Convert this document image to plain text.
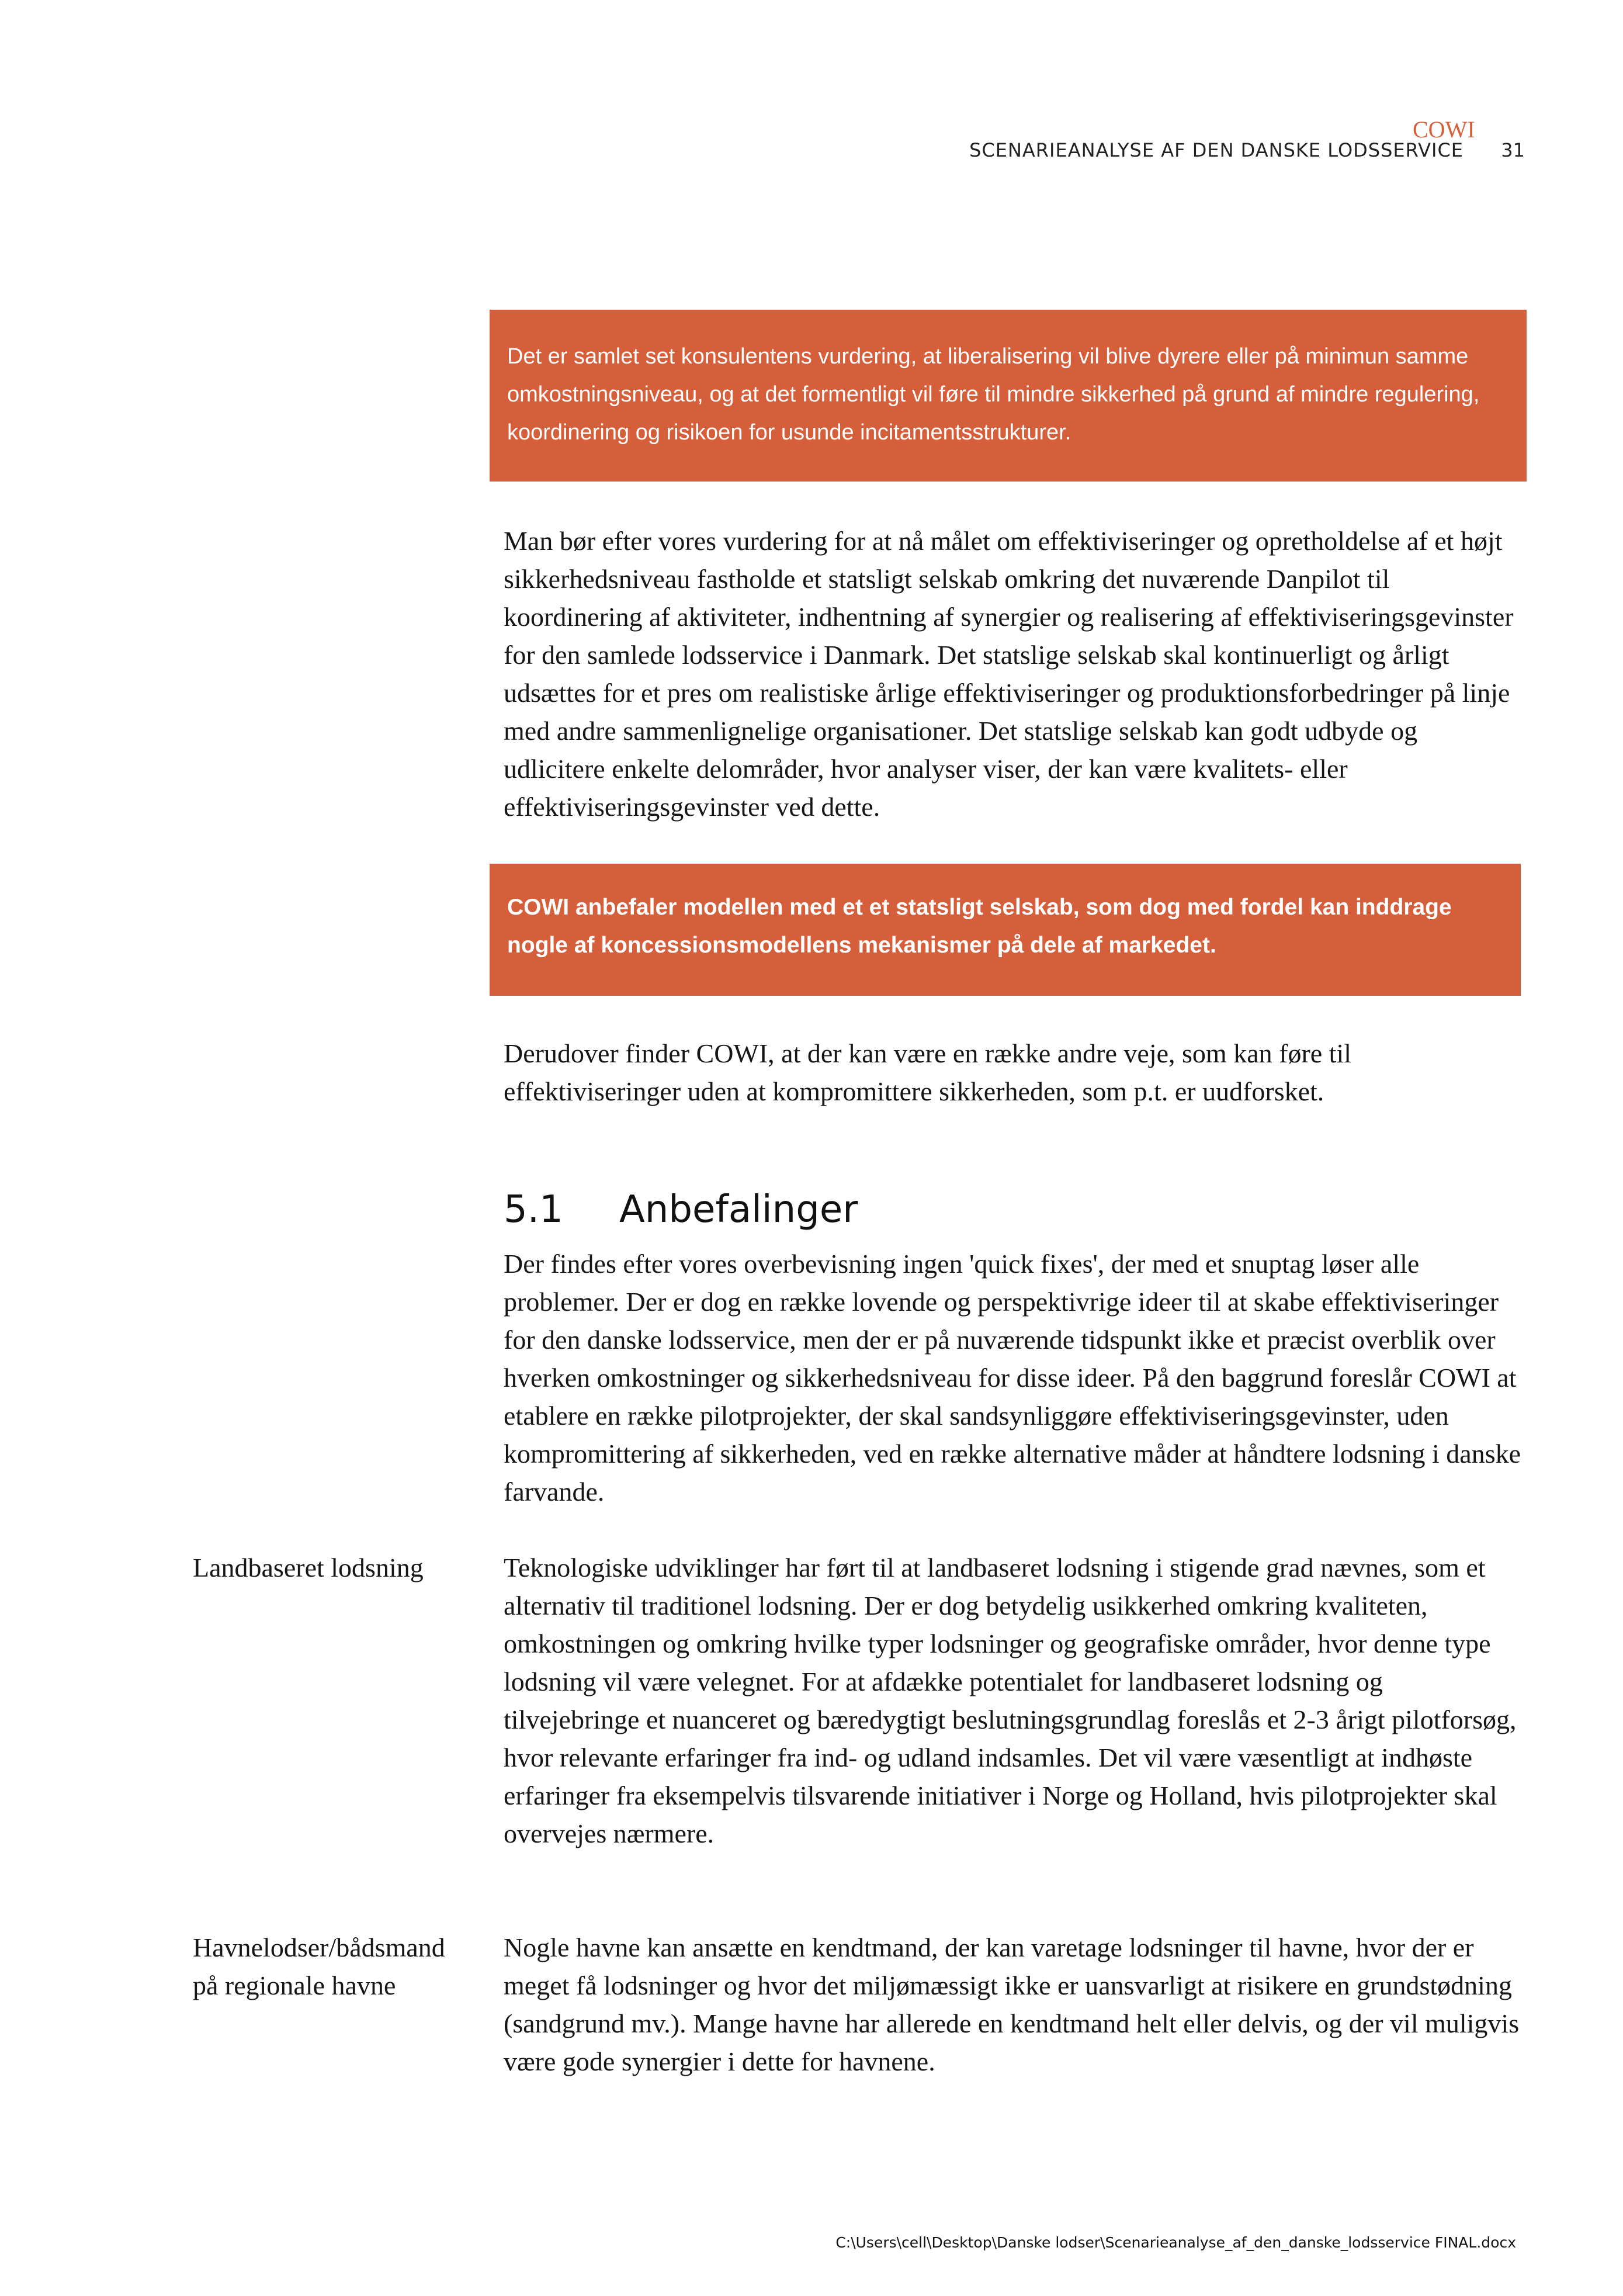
COWI
SCENARIEANALYSE AF DEN DANSKE LODSSERVICE	31

Det er samlet set konsulentens vurdering, at liberalisering vil blive dyrere eller på minimun samme omkostningsniveau, og at det formentligt vil føre til mindre sikkerhed på grund af mindre regulering, koordinering og risikoen for usunde incitamentsstrukturer.

Man bør efter vores vurdering for at nå målet om effektiviseringer og opretholdelse af et højt sikkerhedsniveau fastholde et statsligt selskab omkring det nuværende Danpilot til koordinering af aktiviteter, indhentning af synergier og realisering af effektiviseringsgevinster for den samlede lodsservice i Danmark. Det statslige selskab skal kontinuerligt og årligt udsættes for et pres om realistiske årlige effektiviseringer og produktionsforbedringer på linje med andre sammenlignelige organisationer. Det statslige selskab kan godt udbyde og udlicitere enkelte delområder, hvor analyser viser, der kan være kvalitets- eller effektiviseringsgevinster ved dette.

COWI anbefaler modellen med et et statsligt selskab, som dog med fordel kan inddrage nogle af koncessionsmodellens mekanismer på dele af markedet.

Derudover finder COWI, at der kan være en række andre veje, som kan føre til effektiviseringer uden at kompromittere sikkerheden, som p.t. er uudforsket.

5.1 Anbefalinger

Der findes efter vores overbevisning ingen 'quick fixes', der med et snuptag løser alle problemer. Der er dog en række lovende og perspektivrige ideer til at skabe effektiviseringer for den danske lodsservice, men der er på nuværende tidspunkt ikke et præcist overblik over hverken omkostninger og sikkerhedsniveau for disse ideer. På den baggrund foreslår COWI at etablere en række pilotprojekter, der skal sandsynliggøre effektiviseringsgevinster, uden kompromittering af sikkerheden, ved en række alternative måder at håndtere lodsning i danske farvande.

Landbaseret lodsning	Teknologiske udviklinger har ført til at landbaseret lodsning i stigende grad nævnes, som et alternativ til traditionel lodsning. Der er dog betydelig usikkerhed omkring kvaliteten, omkostningen og omkring hvilke typer lodsninger og geografiske områder, hvor denne type lodsning vil være velegnet. For at afdække potentialet for landbaseret lodsning og tilvejebringe et nuanceret og bæredygtigt beslutningsgrundlag foreslås et 2-3 årigt pilotforsøg, hvor relevante erfaringer fra ind- og udland indsamles. Det vil være væsentligt at indhøste erfaringer fra eksempelvis tilsvarende initiativer i Norge og Holland, hvis pilotprojekter skal overvejes nærmere.

Havnelodser/bådsmand på regionale havne

Nogle havne kan ansætte en kendtmand, der kan varetage lodsninger til havne, hvor der er meget få lodsninger og hvor det miljømæssigt ikke er uansvarligt at risikere en grundstødning (sandgrund mv.). Mange havne har allerede en kendtmand helt eller delvis, og der vil muligvis være gode synergier i dette for havnene.

C:\Users\cell\Desktop\Danske lodser\Scenarieanalyse_af_den_danske_lodsservice FINAL.docx
